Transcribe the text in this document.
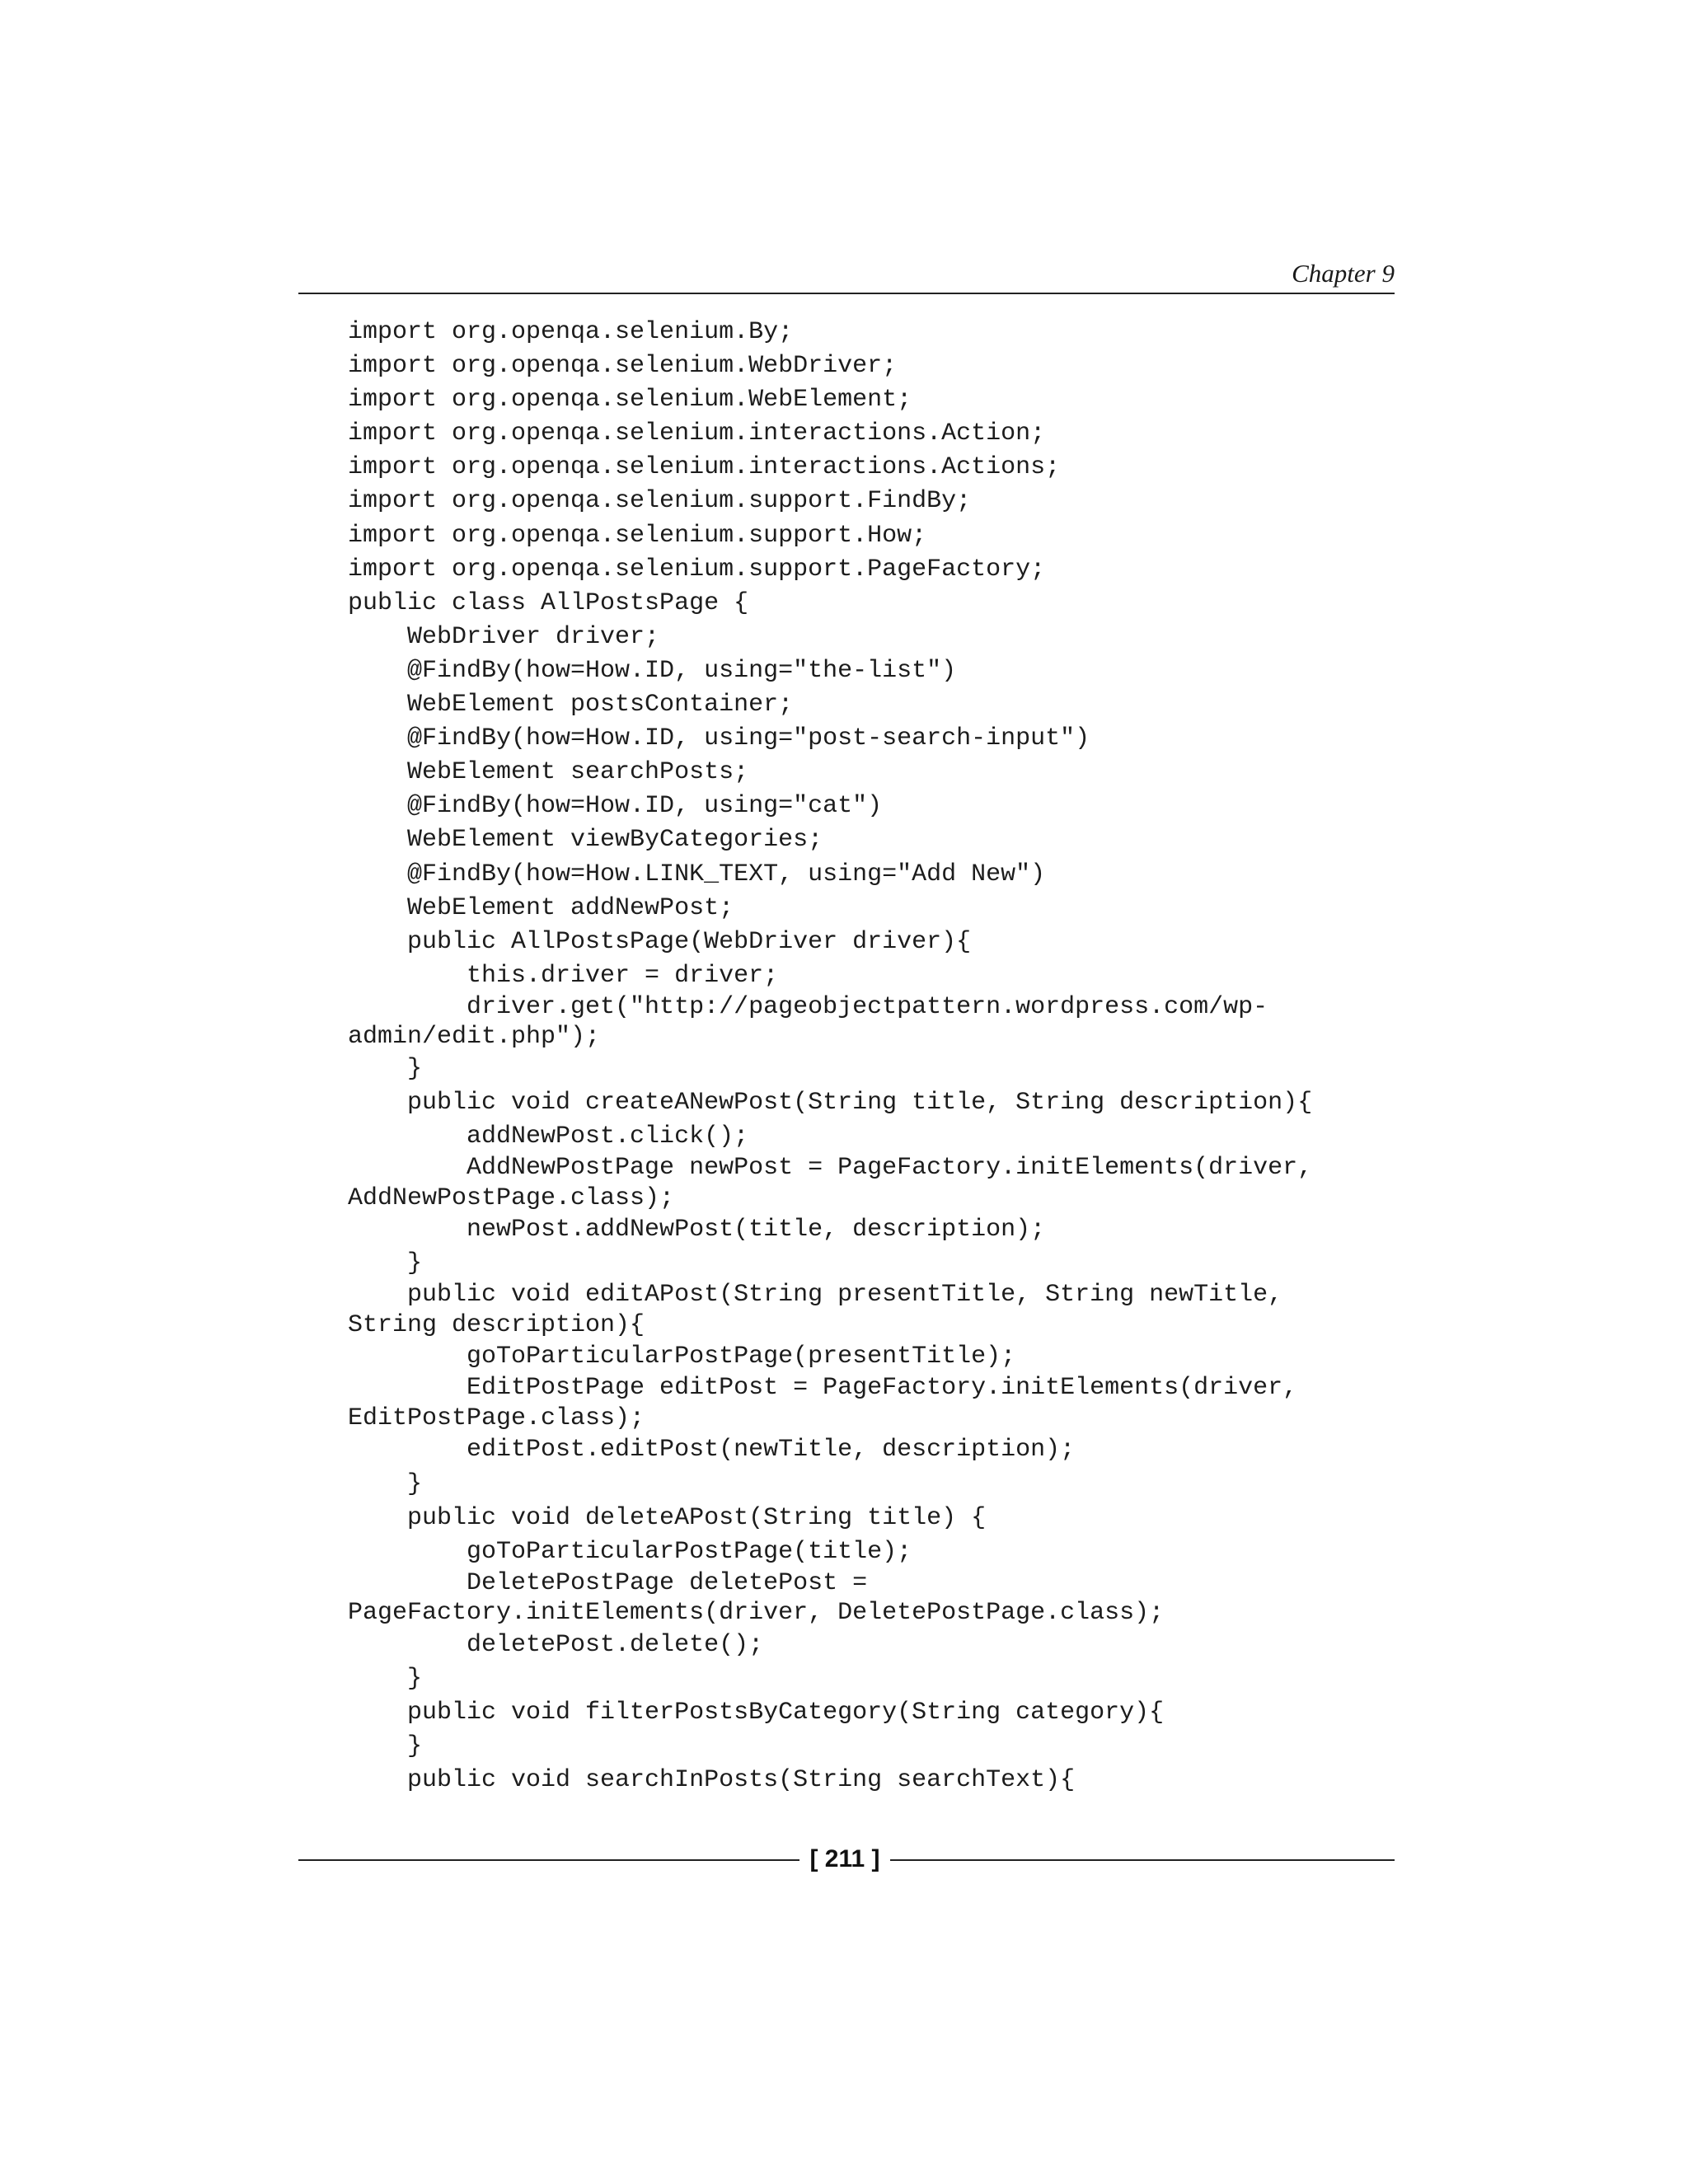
Chapter 9
import org.openqa.selenium.By;
import org.openqa.selenium.WebDriver;
import org.openqa.selenium.WebElement;
import org.openqa.selenium.interactions.Action;
import org.openqa.selenium.interactions.Actions;
import org.openqa.selenium.support.FindBy;
import org.openqa.selenium.support.How;
import org.openqa.selenium.support.PageFactory;
public class AllPostsPage {
WebDriver driver;
@FindBy(how=How.ID, using="the-list")
WebElement postsContainer;
@FindBy(how=How.ID, using="post-search-input")
WebElement searchPosts;
@FindBy(how=How.ID, using="cat")
WebElement viewByCategories;
@FindBy(how=How.LINK_TEXT, using="Add New")
WebElement addNewPost;
public AllPostsPage(WebDriver driver){
this.driver = driver;
driver.get("http://pageobjectpattern.wordpress.com/wp-
admin/edit.php");
}
public void createANewPost(String title, String description){
addNewPost.click();
AddNewPostPage newPost = PageFactory.initElements(driver,
AddNewPostPage.class);
newPost.addNewPost(title, description);
}
public void editAPost(String presentTitle, String newTitle,
String description){
goToParticularPostPage(presentTitle);
EditPostPage editPost = PageFactory.initElements(driver,
EditPostPage.class);
editPost.editPost(newTitle, description);
}
public void deleteAPost(String title) {
goToParticularPostPage(title);
DeletePostPage deletePost =
PageFactory.initElements(driver, DeletePostPage.class);
deletePost.delete();
}
public void filterPostsByCategory(String category){
}
public void searchInPosts(String searchText){
[ 211 ]
